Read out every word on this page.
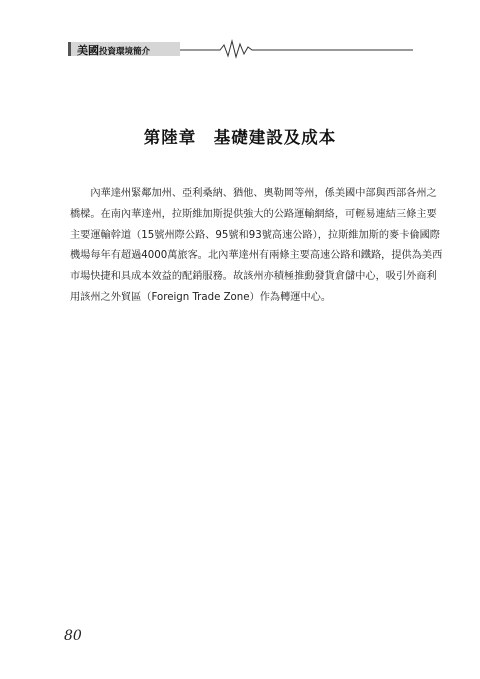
美國投資環境簡介
第陸章　基礎建設及成本

　　內華達州緊鄰加州、亞利桑納、猶他、奧勒岡等州，係美國中部與西部各州之

橋樑。在南內華達州，拉斯維加斯提供強大的公路運輸網絡，可輕易連結三條主要

主要運輸幹道（15號州際公路、95號和93號高速公路），拉斯維加斯的麥卡倫國際

機場每年有超過4000萬旅客。北內華達州有兩條主要高速公路和鐵路，提供為美西

市場快捷和具成本效益的配銷服務。故該州亦積極推動發貨倉儲中心，吸引外商利

用該州之外貿區（Foreign Trade Zone）作為轉運中心。

80
